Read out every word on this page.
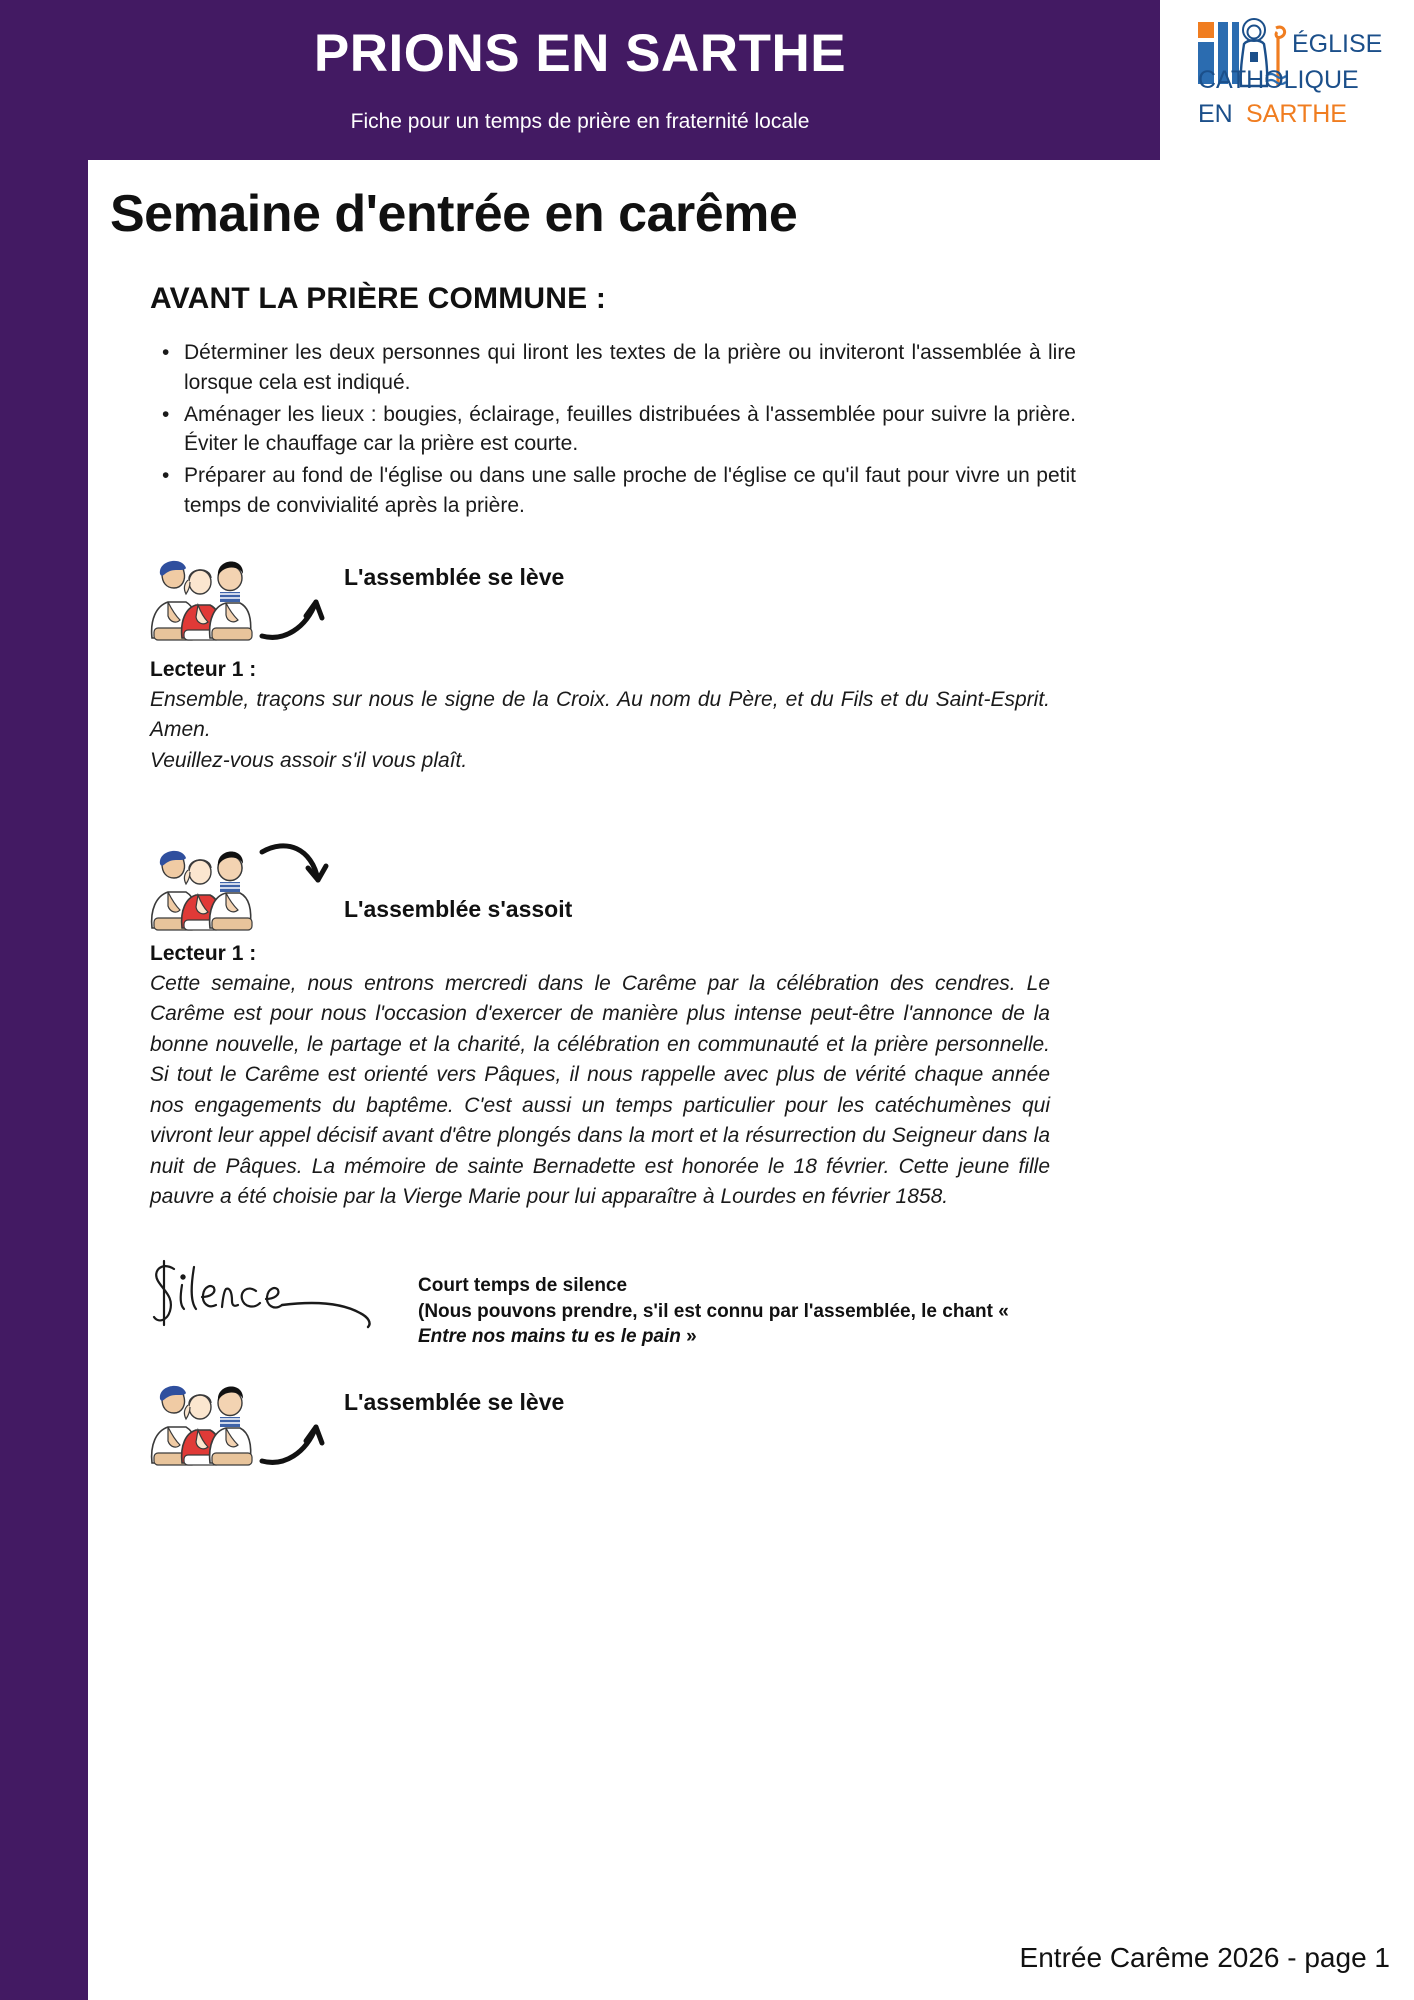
PRIONS EN SARTHE
Fiche pour un temps de prière en fraternité locale
ÉGLISE
CATHOLIQUE
EN SARTHE
Semaine d'entrée en carême
AVANT LA PRIÈRE COMMUNE :
• Déterminer les deux personnes qui liront les textes de la prière ou inviteront l'assemblée à lire lorsque cela est indiqué.
• Aménager les lieux : bougies, éclairage, feuilles distribuées à l'assemblée pour suivre la prière. Éviter le chauffage car la prière est courte.
• Préparer au fond de l'église ou dans une salle proche de l'église ce qu'il faut pour vivre un petit temps de convivialité après la prière.
L'assemblée se lève
Lecteur 1 :
Ensemble, traçons sur nous le signe de la Croix. Au nom du Père, et du Fils et du Saint-Esprit. Amen.
Veuillez-vous assoir s'il vous plaît.
L'assemblée s'assoit
Lecteur 1 :
Cette semaine, nous entrons mercredi dans le Carême par la célébration des cendres. Le Carême est pour nous l'occasion d'exercer de manière plus intense peut-être l'annonce de la bonne nouvelle, le partage et la charité, la célébration en communauté et la prière personnelle. Si tout le Carême est orienté vers Pâques, il nous rappelle avec plus de vérité chaque année nos engagements du baptême. C'est aussi un temps particulier pour les catéchumènes qui vivront leur appel décisif avant d'être plongés dans la mort et la résurrection du Seigneur dans la nuit de Pâques. La mémoire de sainte Bernadette est honorée le 18 février. Cette jeune fille pauvre a été choisie par la Vierge Marie pour lui apparaître à Lourdes en février 1858.
Court temps de silence
(Nous pouvons prendre, s'il est connu par l'assemblée, le chant « Entre nos mains tu es le pain »
L'assemblée se lève
Entrée Carême 2026 - page 1
